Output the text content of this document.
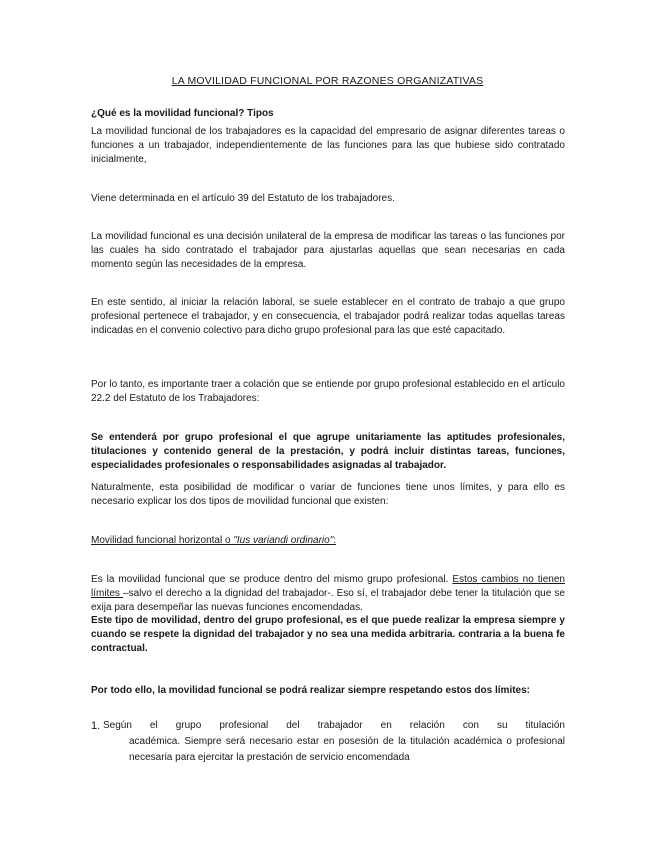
LA MOVILIDAD FUNCIONAL POR RAZONES ORGANIZATIVAS

¿Qué es la movilidad funcional? Tipos

La movilidad funcional de los trabajadores es la capacidad del empresario de asignar diferentes tareas o funciones a un trabajador, independientemente de las funciones para las que hubiese sido contratado inicialmente,

Viene determinada en el artículo 39 del Estatuto de los trabajadores.

La movilidad funcional es una decisión unilateral de la empresa de modificar las tareas o las funciones por las cuales ha sido contratado el trabajador para ajustarlas aquellas que sean necesarias en cada momento según las necesidades de la empresa.

En este sentido, al iniciar la relación laboral, se suele establecer en el contrato de trabajo a que grupo profesional pertenece el trabajador, y en consecuencia, el trabajador podrá realizar todas aquellas tareas indicadas en el convenio colectivo para dicho grupo profesional para las que esté capacitado.

Por lo tanto, es importante traer a colación que se entiende por grupo profesional establecido en el artículo 22.2 del Estatuto de los Trabajadores:

Se entenderá por grupo profesional el que agrupe unitariamente las aptitudes profesionales, titulaciones y contenido general de la prestación, y podrá incluir distintas tareas, funciones, especialidades profesionales o responsabilidades asignadas al trabajador.

Naturalmente, esta posibilidad de modificar o variar de funciones tiene unos límites, y para ello es necesario explicar los dos tipos de movilidad funcional que existen:

Movilidad funcional horizontal o "Ius variandi ordinario":

Es la movilidad funcional que se produce dentro del mismo grupo profesional. Estos cambios no tienen límites –salvo el derecho a la dignidad del trabajador-. Eso sí, el trabajador debe tener la titulación que se exija para desempeñar las nuevas funciones encomendadas.

Este tipo de movilidad, dentro del grupo profesional, es el que puede realizar la empresa siempre y cuando se respete la dignidad del trabajador y no sea una medida arbitraria. contraria a la buena fe contractual.

Por todo ello, la movilidad funcional se podrá realizar siempre respetando estos dos límites:

1. Según el grupo profesional del trabajador en relación con su titulación
académica. Siempre será necesario estar en posesión de la titulación académica o profesional necesaria para ejercitar la prestación de servicio encomendada
